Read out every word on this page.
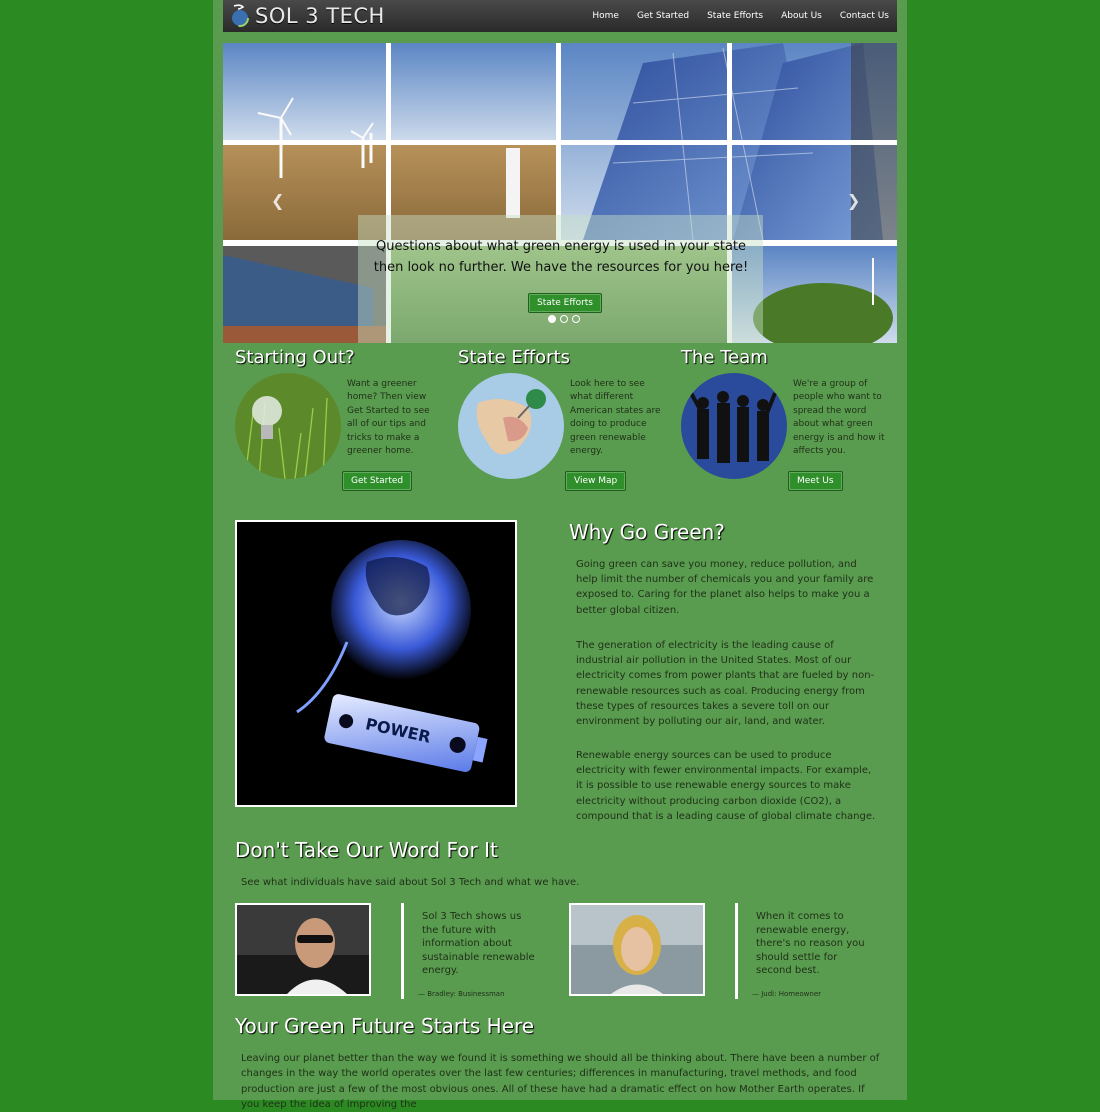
SOL 3 TECH	Home Get Started State Efforts About Us Contact Us
Questions about what green energy is used in your state then look no further. We have the resources for you here!
State Efforts
❮	❯
Starting Out?
Want a greener home? Then view Get Started to see all of our tips and tricks to make a greener home.
Get Started
State Efforts
Look here to see what different American states are doing to produce green renewable energy.
View Map
The Team
We're a group of people who want to spread the word about what green energy is and how it affects you.
Meet Us
POWER
Why Go Green?
Going green can save you money, reduce pollution, and help limit the number of chemicals you and your family are exposed to. Caring for the planet also helps to make you a better global citizen.
The generation of electricity is the leading cause of industrial air pollution in the United States. Most of our electricity comes from power plants that are fueled by non-renewable resources such as coal. Producing energy from these types of resources takes a severe toll on our environment by polluting our air, land, and water.
Renewable energy sources can be used to produce electricity with fewer environmental impacts. For example, it is possible to use renewable energy sources to make electricity without producing carbon dioxide (CO2), a compound that is a leading cause of global climate change.
Don't Take Our Word For It
See what individuals have said about Sol 3 Tech and what we have.
Sol 3 Tech shows us the future with information about sustainable renewable energy.
— Bradley: Businessman
When it comes to renewable energy, there's no reason you should settle for second best.
— Judi: Homeowner
Your Green Future Starts Here
Leaving our planet better than the way we found it is something we should all be thinking about. There have been a number of changes in the way the world operates over the last few centuries; differences in manufacturing, travel methods, and food production are just a few of the most obvious ones. All of these have had a dramatic effect on how Mother Earth operates. If you keep the idea of improving the
